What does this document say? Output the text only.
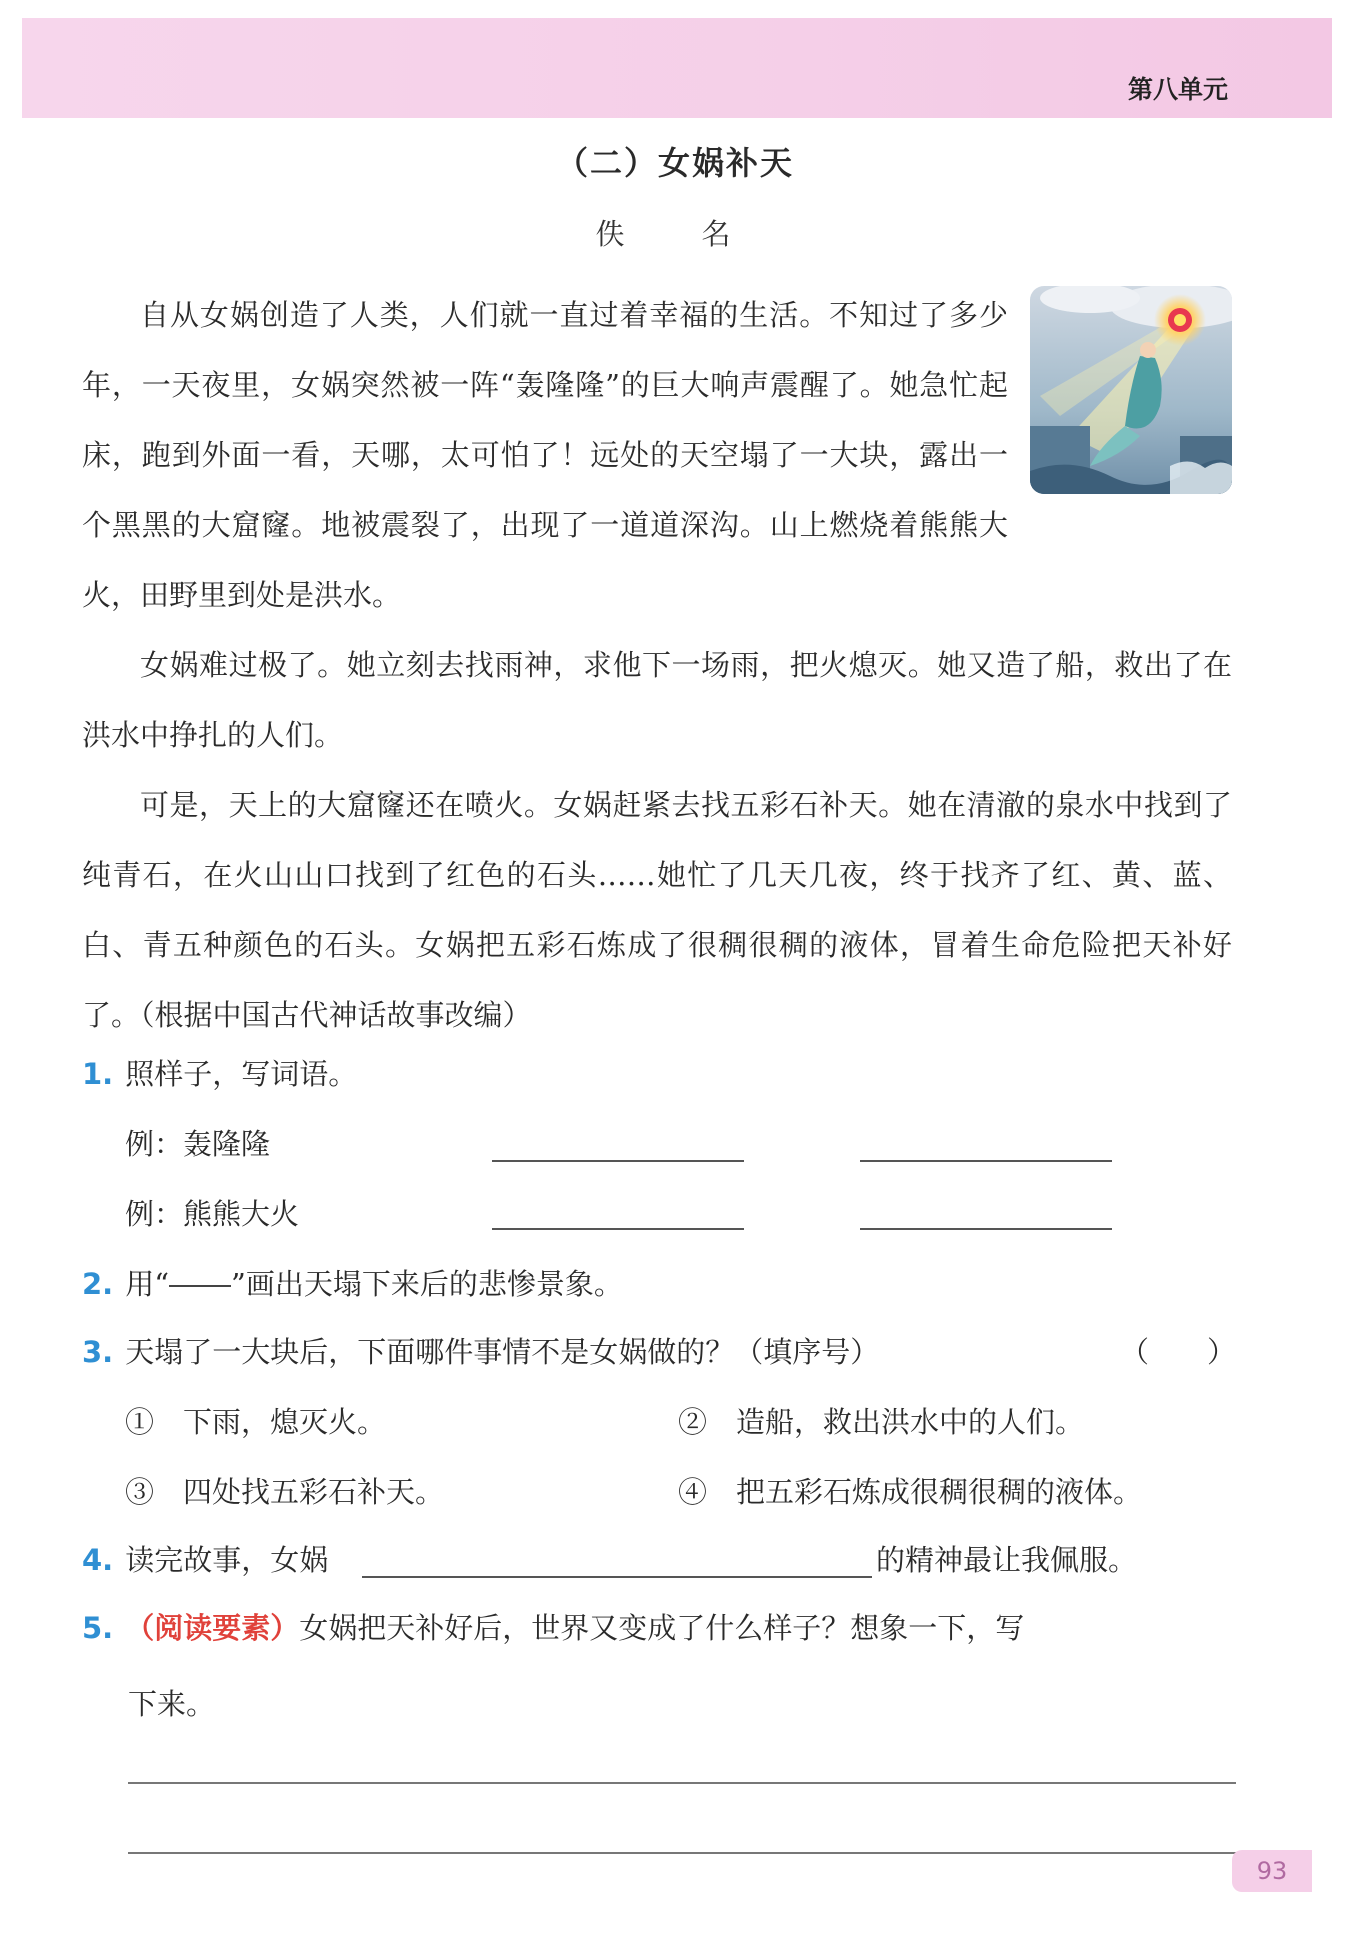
第八单元
（二）女娲补天
佚　名

自从女娲创造了人类，人们就一直过着幸福的生活。不知过了多少年，一天夜里，女娲突然被一阵“轰隆隆”的巨大响声震醒了。她急忙起床，跑到外面一看，天哪，太可怕了！远处的天空塌了一大块，露出一个黑黑的大窟窿。地被震裂了，出现了一道道深沟。山上燃烧着熊熊大火，田野里到处是洪水。

女娲难过极了。她立刻去找雨神，求他下一场雨，把火熄灭。她又造了船，救出了在洪水中挣扎的人们。

可是，天上的大窟窿还在喷火。女娲赶紧去找五彩石补天。她在清澈的泉水中找到了纯青石，在火山山口找到了红色的石头……她忙了几天几夜，终于找齐了红、黄、蓝、白、青五种颜色的石头。女娲把五彩石炼成了很稠很稠的液体，冒着生命危险把天补好了。（根据中国古代神话故事改编）

1. 照样子，写词语。
例：轰隆隆
例：熊熊大火
2. 用“ ”画出天塌下来后的悲惨景象。
3. 天塌了一大块后，下面哪件事情不是女娲做的？（填序号）	（　　）
①　下雨，熄灭火。	②　造船，救出洪水中的人们。
③　四处找五彩石补天。	④　把五彩石炼成很稠很稠的液体。
4. 读完故事，女娲	的精神最让我佩服。
5. （阅读要素）女娲把天补好后，世界又变成了什么样子？想象一下，写
下来。
93
